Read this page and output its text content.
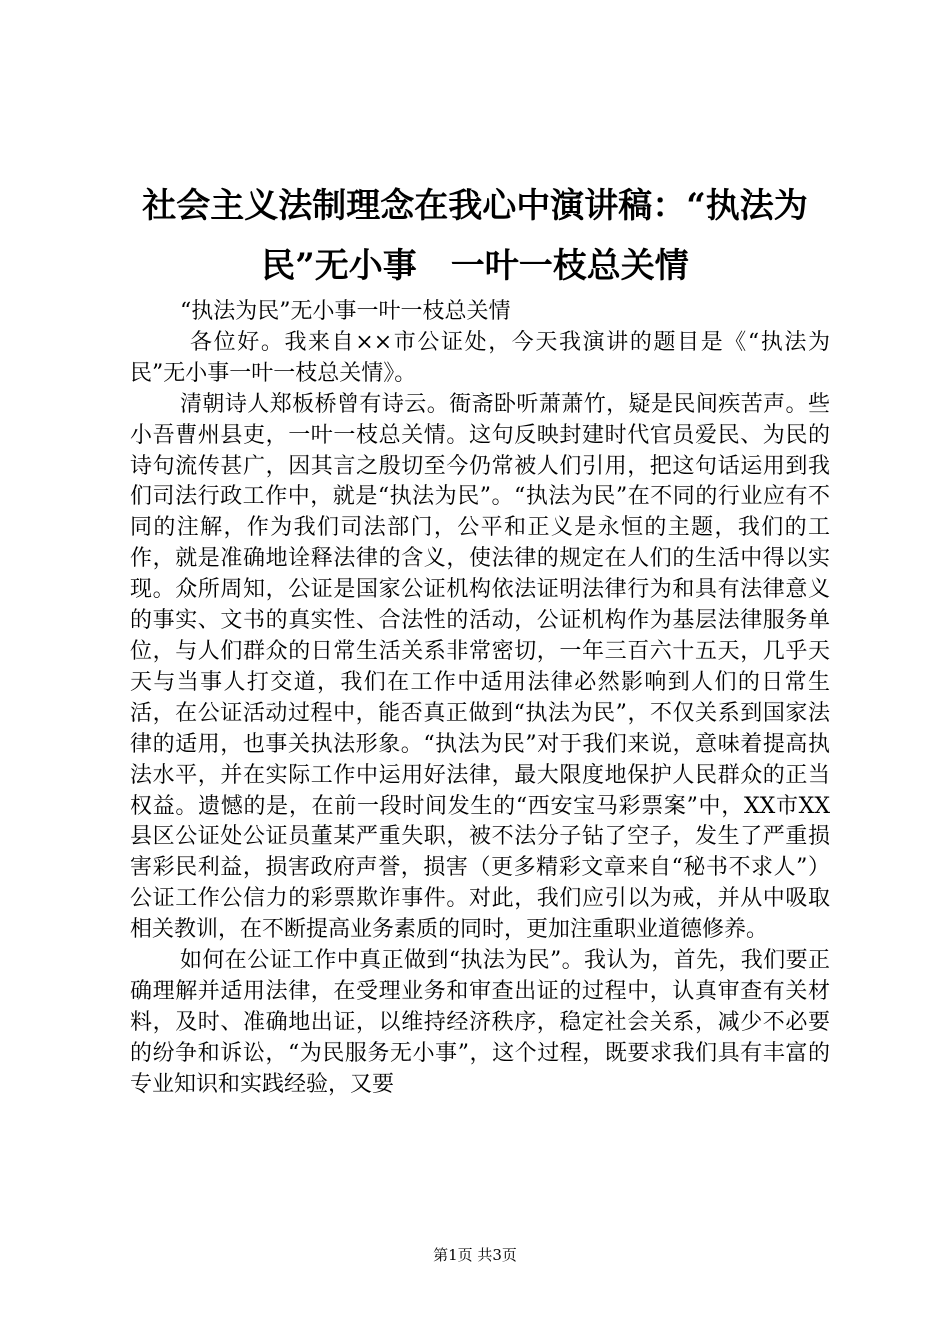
社会主义法制理念在我心中演讲稿：“执法为民”无小事　一叶一枝总关情

“执法为民”无小事一叶一枝总关情

各位好。我来自××市公证处，今天我演讲的题目是《“执法为民”无小事一叶一枝总关情》。

清朝诗人郑板桥曾有诗云。衙斋卧听萧萧竹，疑是民间疾苦声。些小吾曹州县吏，一叶一枝总关情。这句反映封建时代官员爱民、为民的诗句流传甚广，因其言之殷切至今仍常被人们引用，把这句话运用到我们司法行政工作中，就是“执法为民”。“执法为民”在不同的行业应有不同的注解，作为我们司法部门，公平和正义是永恒的主题，我们的工作，就是准确地诠释法律的含义，使法律的规定在人们的生活中得以实现。众所周知，公证是国家公证机构依法证明法律行为和具有法律意义的事实、文书的真实性、合法性的活动，公证机构作为基层法律服务单位，与人们群众的日常生活关系非常密切，一年三百六十五天，几乎天天与当事人打交道，我们在工作中适用法律必然影响到人们的日常生活，在公证活动过程中，能否真正做到“执法为民”，不仅关系到国家法律的适用，也事关执法形象。“执法为民”对于我们来说，意味着提高执法水平，并在实际工作中运用好法律，最大限度地保护人民群众的正当权益。遗憾的是，在前一段时间发生的“西安宝马彩票案”中，XX市XX县区公证处公证员董某严重失职，被不法分子钻了空子，发生了严重损害彩民利益，损害政府声誉，损害（更多精彩文章来自“秘书不求人”）公证工作公信力的彩票欺诈事件。对此，我们应引以为戒，并从中吸取相关教训，在不断提高业务素质的同时，更加注重职业道德修养。

如何在公证工作中真正做到“执法为民”。我认为，首先，我们要正确理解并适用法律，在受理业务和审查出证的过程中，认真审查有关材料，及时、准确地出证，以维持经济秩序，稳定社会关系，减少不必要的纷争和诉讼，“为民服务无小事”，这个过程，既要求我们具有丰富的专业知识和实践经验，又要

第1页 共3页
